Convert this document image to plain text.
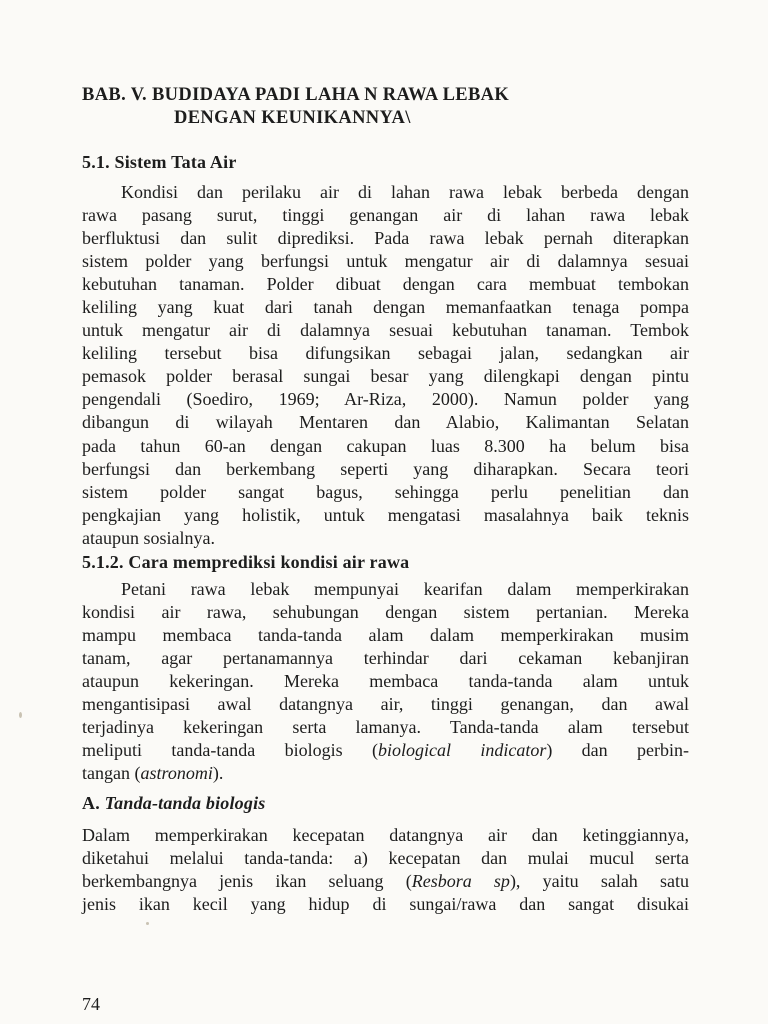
BAB. V. BUDIDAYA PADI LAHA N RAWA LEBAK
DENGAN KEUNIKANNYA\
5.1. Sistem Tata Air
Kondisi dan perilaku air di lahan rawa lebak berbeda dengan
rawa pasang surut, tinggi genangan air di lahan rawa lebak
berfluktusi dan sulit diprediksi. Pada rawa lebak pernah diterapkan
sistem polder yang berfungsi untuk mengatur air di dalamnya sesuai
kebutuhan tanaman. Polder dibuat dengan cara membuat tembokan
keliling yang kuat dari tanah dengan memanfaatkan tenaga pompa
untuk mengatur air di dalamnya sesuai kebutuhan tanaman. Tembok
keliling tersebut bisa difungsikan sebagai jalan, sedangkan air
pemasok polder berasal sungai besar yang dilengkapi dengan pintu
pengendali (Soediro, 1969; Ar-Riza, 2000). Namun polder yang
dibangun di wilayah Mentaren dan Alabio, Kalimantan Selatan
pada tahun 60-an dengan cakupan luas 8.300 ha belum bisa
berfungsi dan berkembang seperti yang diharapkan. Secara teori
sistem polder sangat bagus, sehingga perlu penelitian dan
pengkajian yang holistik, untuk mengatasi masalahnya baik teknis
ataupun sosialnya.
5.1.2. Cara memprediksi kondisi air rawa
Petani rawa lebak mempunyai kearifan dalam memperkirakan
kondisi air rawa, sehubungan dengan sistem pertanian. Mereka
mampu membaca tanda-tanda alam dalam memperkirakan musim
tanam, agar pertanamannya terhindar dari cekaman kebanjiran
ataupun kekeringan. Mereka membaca tanda-tanda alam untuk
mengantisipasi awal datangnya air, tinggi genangan, dan awal
terjadinya kekeringan serta lamanya. Tanda-tanda alam tersebut
meliputi tanda-tanda biologis (biological indicator) dan perbin-
tangan (astronomi).
A. Tanda-tanda biologis
Dalam memperkirakan kecepatan datangnya air dan ketinggiannya,
diketahui melalui tanda-tanda: a) kecepatan dan mulai mucul serta
berkembangnya jenis ikan seluang (Resbora sp), yaitu salah satu
jenis ikan kecil yang hidup di sungai/rawa dan sangat disukai
74
